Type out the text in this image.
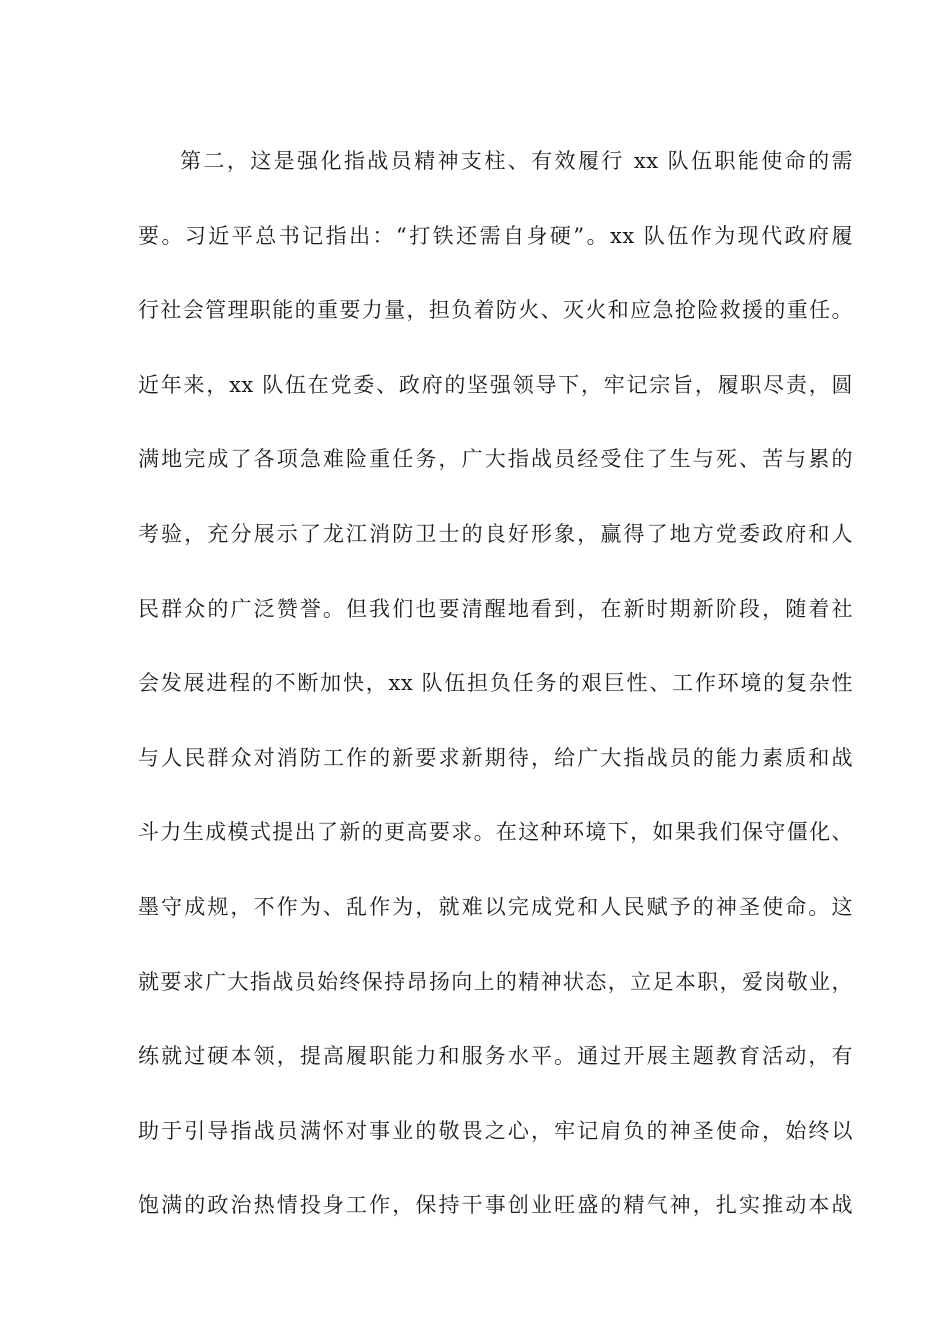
第二，这是强化指战员精神支柱、有效履行 xx 队伍职能使命的需
要。习近平总书记指出：“打铁还需自身硬”。xx 队伍作为现代政府履
行社会管理职能的重要力量，担负着防火、灭火和应急抢险救援的重任。
近年来，xx 队伍在党委、政府的坚强领导下，牢记宗旨，履职尽责，圆
满地完成了各项急难险重任务，广大指战员经受住了生与死、苦与累的
考验，充分展示了龙江消防卫士的良好形象，赢得了地方党委政府和人
民群众的广泛赞誉。但我们也要清醒地看到，在新时期新阶段，随着社
会发展进程的不断加快，xx 队伍担负任务的艰巨性、工作环境的复杂性
与人民群众对消防工作的新要求新期待，给广大指战员的能力素质和战
斗力生成模式提出了新的更高要求。在这种环境下，如果我们保守僵化、
墨守成规，不作为、乱作为，就难以完成党和人民赋予的神圣使命。这
就要求广大指战员始终保持昂扬向上的精神状态，立足本职，爱岗敬业，
练就过硬本领，提高履职能力和服务水平。通过开展主题教育活动，有
助于引导指战员满怀对事业的敬畏之心，牢记肩负的神圣使命，始终以
饱满的政治热情投身工作，保持干事创业旺盛的精气神，扎实推动本战
